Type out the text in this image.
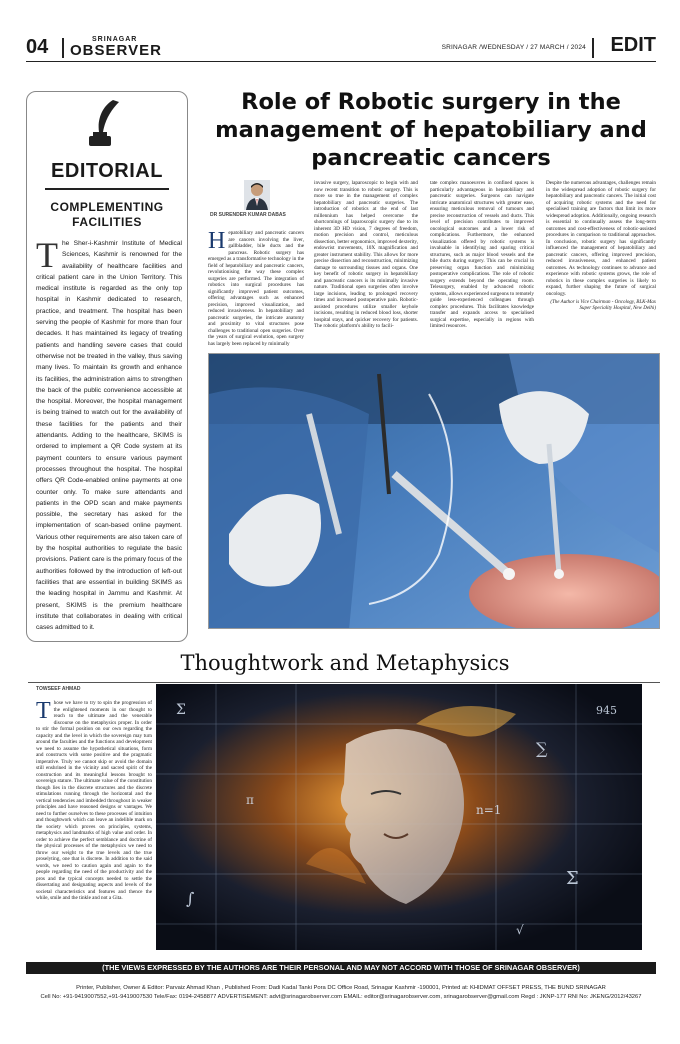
04	SRINAGAR
OBSERVER	SRINAGAR /WEDNESDAY / 27 MARCH / 2024 EDIT
EDITORIAL
COMPLEMENTING FACILITIES
The Sher-i-Kashmir Institute of Medical Sciences, Kashmir is renowned for the availability of healthcare facilities and critical patient care in the Union Territory. This medical institute is regarded as the only top hospital in Kashmir dedicated to research, practice, and treatment. The hospital has been serving the people of Kashmir for more than four decades. It has maintained its legacy of treating patients and handling severe cases that could otherwise not be treated in the valley, thus saving many lives. To maintain its growth and enhance its facilities, the administration aims to strengthen the back of the public convenience accessible at the hospital. Moreover, the hospital management is being trained to watch out for the availability of these facilities for the patients and their attendants. Adding to the healthcare, SKIMS is ordered to implement a QR Code system at its payment counters to ensure various payment processes throughout the hospital. The hospital offers QR Code-enabled online payments at one counter only. To make sure attendants and patients in the OPD scan and make payments possible, the secretary has asked for the implementation of scan-based online payment. Various other requirements are also taken care of by the hospital authorities to regulate the basic provisions. Patient care is the primary focus of the authorities followed by the introduction of left-out facilities that are essential in building SKIMS as the leading hospital in Jammu and Kashmir. At present, SKIMS is the premium healthcare institute that collaborates in dealing with critical cases admitted to it.
Role of Robotic surgery in the management of hepatobiliary and pancreatic cancers
DR SURENDER KUMAR DABAS
Hepatobiliary and pancreatic cancers are cancers involving the liver, gallbladder, bile ducts and the pancreas. Robotic surgery has emerged as a transformative technology in the field of hepatobiliary and pancreatic cancers, revolutionising the way these complex surgeries are performed. The integration of robotics into surgical procedures has significantly improved patient outcomes, offering advantages such as enhanced precision, improved visualization, and reduced invasiveness. In hepatobiliary and pancreatic surgeries, the intricate anatomy and proximity to vital structures pose challenges to traditional open surgeries. Over the years of surgical evolution, open surgery has largely been replaced by minimally
invasive surgery, laparoscopic to begin with and now recent transition to robotic surgery. This is more so true in the management of complex hepatobiliary and pancreatic surgeries. The introduction of robotics at the end of last millennium has helped overcome the shortcomings of laparoscopic surgery due to its inherent 3D HD vision, 7 degrees of freedom, motion precision and control, meticulous dissection, better ergonomics, improved dexterity, endowrist movements, 10X magnification and greater instrument stability. This allows for more precise dissection and reconstruction, minimizing damage to surrounding tissues and organs. One key benefit of robotic surgery in hepatobiliary and pancreatic cancers is its minimally invasive nature. Traditional open surgeries often involve large incisions, leading to prolonged recovery times and increased postoperative pain. Robotic-assisted procedures utilize smaller keyhole incisions, resulting in reduced blood loss, shorter hospital stays, and quicker recovery for patients. The robotic platform's ability to facili-
tate complex manoeuvres in confined spaces is particularly advantageous in hepatobiliary and pancreatic surgeries. Surgeons can navigate intricate anatomical structures with greater ease, ensuring meticulous removal of tumours and precise reconstruction of vessels and ducts. This level of precision contributes to improved oncological outcomes and a lower risk of complications. Furthermore, the enhanced visualization offered by robotic systems is invaluable in identifying and sparing critical structures, such as major blood vessels and the bile ducts during surgery. This can be crucial in preserving organ function and minimizing postoperative complications. The role of robotic surgery extends beyond the operating room. Telesurgery, enabled by advanced robotic systems, allows experienced surgeons to remotely guide less-experienced colleagues through complex procedures. This facilitates knowledge transfer and expands access to specialised surgical expertise, especially in regions with limited resources.
Despite the numerous advantages, challenges remain in the widespread adoption of robotic surgery for hepatobiliary and pancreatic cancers. The initial cost of acquiring robotic systems and the need for specialised training are factors that limit its more widespread adoption. Additionally, ongoing research is essential to continually assess the long-term outcomes and cost-effectiveness of robotic-assisted procedures in comparison to traditional approaches. In conclusion, robotic surgery has significantly influenced the management of hepatobiliary and pancreatic cancers, offering improved precision, reduced invasiveness, and enhanced patient outcomes. As technology continues to advance and experience with robotic systems grows, the role of robotics in these complex surgeries is likely to expand, further shaping the future of surgical oncology.
(The Author is Vice Chairman - Oncology, BLK-Max Super Speciality Hospital, New Delhi)
Thoughtwork and Metaphysics
TOWSEEF AHMAD
Those we have to try to spin the progression of the enlightened moments in our thought to reach to the ultimate and the venerable discourse on the metaphysics proper. In order to stir the formal position on our own regarding the capacity and the level in which the sovereign may turn around the faculties and the functions and development we need to assume the hypothetical situations, form and constructs with some positive and the pragmatic imperative. Truly we cannot skip or avoid the domain still enshrined in the vicinity and sacred spirit of the construction and its meaningful lessons brought to sovereign stature. The ultimate value of the constitution though lies in the discrete structures and the discrete stimulations running through the horizontal and the vertical tendencies and imbedded throughout in weaker principles and have reasoned designs or vantages. We need to further ourselves to these processes of intuition and thoughtwork which can leave an indelible mark on the society which proves on principles, systems, metaphysics and landmarks of high value and order. In order to achieve the perfect semblance and doctrine of the physical processes of the metaphysics we need to throw our weight to the true levels and the true proselyting, one that is discrete. In addition to the said words, we need to caution again and again to the people regarding the need of the productivity and the pros and the typical concepts needed to settle the dissertating and designating aspects and levels of the societal characteristics and features and thence the while, smile and the tinkle and not a Gita.
Σ
∑
Σ
∫
n=1
π
945
√
(THE VIEWS EXPRESSED BY THE AUTHORS ARE THEIR PERSONAL AND MAY NOT ACCORD WITH THOSE OF SRINAGAR OBSERVER)
Printer, Publisher, Owner & Editor: Parvaiz Ahmad Khan , Published From: Dadi Kadal Tanki Pora DC Office Road, Srinagar Kashmir -190001, Printed at: KHIDMAT OFFSET PRESS, THE BUND SRINAGAR
Cell No: +91-9419007552,+91-9419007530 Tele/Fax: 0194-2458877 ADVERTISEMENT: advt@srinagarobserver.com EMAIL: editor@srinagarobserver.com, srinagarobserver@gmail.com Regd : JKNP-177 RNI No: JKENG/2012/43267
